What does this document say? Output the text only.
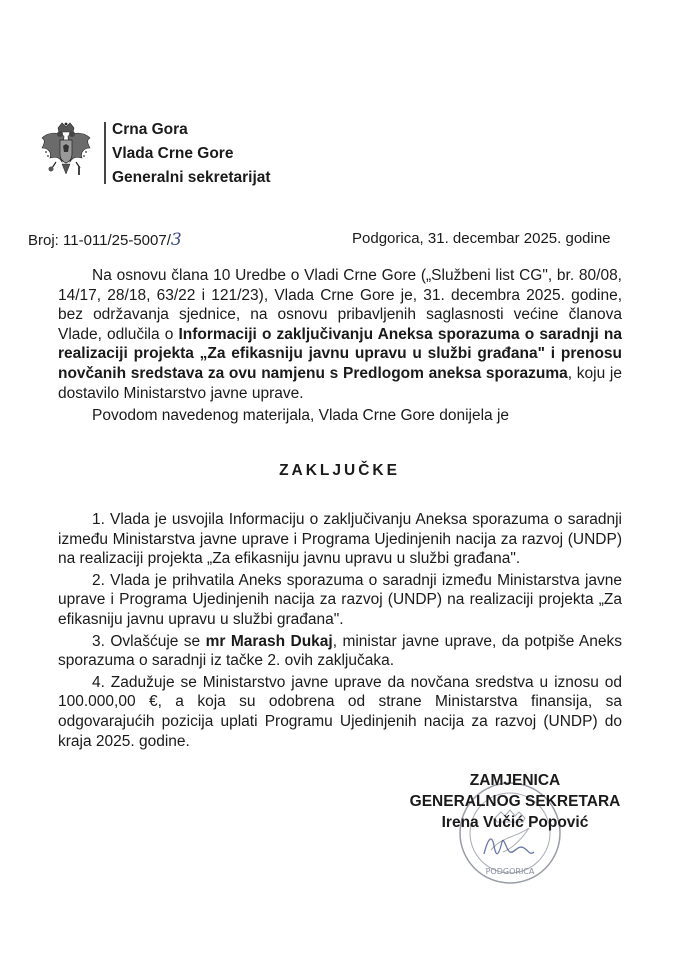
Crna Gora
Vlada Crne Gore
Generalni sekretarijat
Broj: 11-011/25-5007/3	Podgorica, 31. decembar 2025. godine

Na osnovu člana 10 Uredbe o Vladi Crne Gore („Službeni list CG", br. 80/08, 14/17, 28/18, 63/22 i 121/23), Vlada Crne Gore je, 31. decembra 2025. godine, bez održavanja sjednice, na osnovu pribavljenih saglasnosti većine članova Vlade, odlučila o Informaciji o zaključivanju Aneksa sporazuma o saradnji na realizaciji projekta „Za efikasniju javnu upravu u službi građana" i prenosu novčanih sredstava za ovu namjenu s Predlogom aneksa sporazuma, koju je dostavilo Ministarstvo javne uprave.

Povodom navedenog materijala, Vlada Crne Gore donijela je

ZAKLJUČKE

1. Vlada je usvojila Informaciju o zaključivanju Aneksa sporazuma o saradnji između Ministarstva javne uprave i Programa Ujedinjenih nacija za razvoj (UNDP) na realizaciji projekta „Za efikasniju javnu upravu u službi građana".

2. Vlada je prihvatila Aneks sporazuma o saradnji između Ministarstva javne uprave i Programa Ujedinjenih nacija za razvoj (UNDP) na realizaciji projekta „Za efikasniju javnu upravu u službi građana".

3. Ovlašćuje se mr Marash Dukaj, ministar javne uprave, da potpiše Aneks sporazuma o saradnji iz tačke 2. ovih zaključaka.

4. Zadužuje se Ministarstvo javne uprave da novčana sredstva u iznosu od 100.000,00 €, a koja su odobrena od strane Ministarstva finansija, sa odgovarajućih pozicija uplati Programu Ujedinjenih nacija za razvoj (UNDP) do kraja 2025. godine.

PODGORICA
ZAMJENICA
GENERALNOG SEKRETARA
Irena Vučić Popović
